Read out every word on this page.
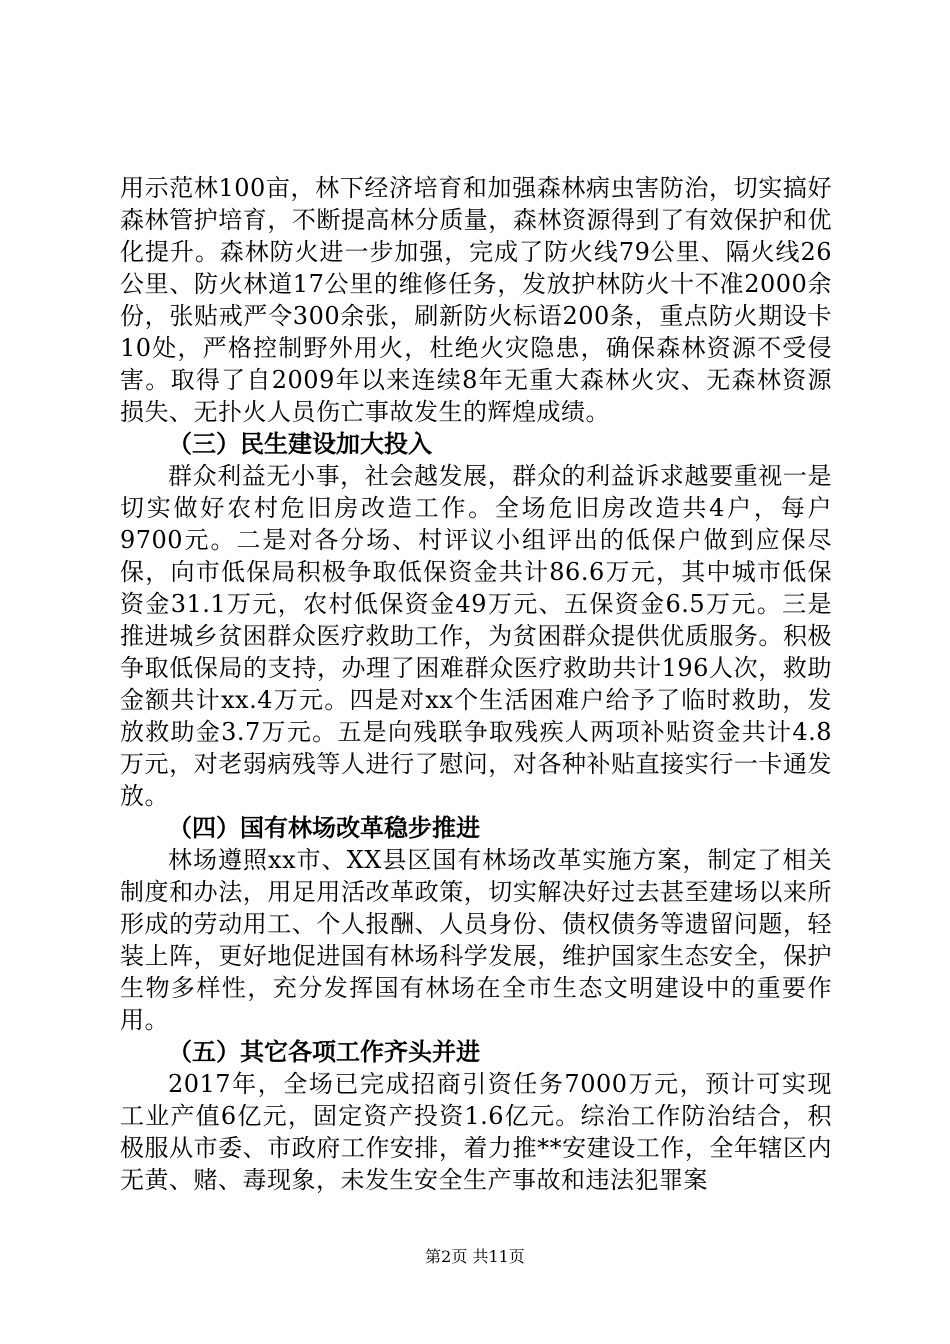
用示范林100亩，林下经济培育和加强森林病虫害防治，切实搞好森林管护培育，不断提高林分质量，森林资源得到了有效保护和优化提升。森林防火进一步加强，完成了防火线79公里、隔火线26公里、防火林道17公里的维修任务，发放护林防火十不准2000余份，张贴戒严令300余张，刷新防火标语200条，重点防火期设卡10处，严格控制野外用火，杜绝火灾隐患，确保森林资源不受侵害。取得了自2009年以来连续8年无重大森林火灾、无森林资源损失、无扑火人员伤亡事故发生的辉煌成绩。

（三）民生建设加大投入

群众利益无小事，社会越发展，群众的利益诉求越要重视一是切实做好农村危旧房改造工作。全场危旧房改造共4户，每户9700元。二是对各分场、村评议小组评出的低保户做到应保尽保，向市低保局积极争取低保资金共计86.6万元，其中城市低保资金31.1万元，农村低保资金49万元、五保资金6.5万元。三是推进城乡贫困群众医疗救助工作，为贫困群众提供优质服务。积极争取低保局的支持，办理了困难群众医疗救助共计196人次，救助金额共计xx.4万元。四是对xx个生活困难户给予了临时救助，发放救助金3.7万元。五是向残联争取残疾人两项补贴资金共计4.8万元，对老弱病残等人进行了慰问，对各种补贴直接实行一卡通发放。

（四）国有林场改革稳步推进

林场遵照xx市、XX县区国有林场改革实施方案，制定了相关制度和办法，用足用活改革政策，切实解决好过去甚至建场以来所形成的劳动用工、个人报酬、人员身份、债权债务等遗留问题，轻装上阵，更好地促进国有林场科学发展，维护国家生态安全，保护生物多样性，充分发挥国有林场在全市生态文明建设中的重要作用。

（五）其它各项工作齐头并进

2017年，全场已完成招商引资任务7000万元，预计可实现工业产值6亿元，固定资产投资1.6亿元。综治工作防治结合，积极服从市委、市政府工作安排，着力推**安建设工作，全年辖区内无黄、赌、毒现象，未发生安全生产事故和违法犯罪案

第2页 共11页
